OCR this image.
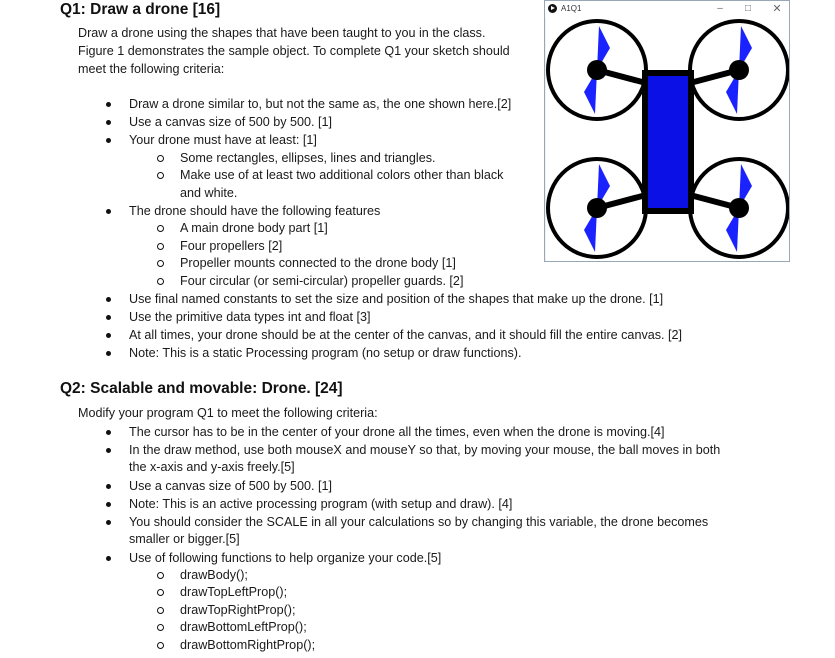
Q1: Draw a drone [16]
Draw a drone using the shapes that have been taught to you in the class.
Figure 1 demonstrates the sample object. To complete Q1 your sketch should
meet the following criteria:
Draw a drone similar to, but not the same as, the one shown here.[2]
Use a canvas size of 500 by 500. [1]
Your drone must have at least: [1]
Some rectangles, ellipses, lines and triangles.
Make use of at least two additional colors other than black
and white.
The drone should have the following features
A main drone body part [1]
Four propellers [2]
Propeller mounts connected to the drone body [1]
Four circular (or semi-circular) propeller guards. [2]
Use final named constants to set the size and position of the shapes that make up the drone. [1]
Use the primitive data types int and float [3]
At all times, your drone should be at the center of the canvas, and it should fill the entire canvas. [2]
Note: This is a static Processing program (no setup or draw functions).
A1Q1	–	□	✕
Q2: Scalable and movable: Drone. [24]
Modify your program Q1 to meet the following criteria:
The cursor has to be in the center of your drone all the times, even when the drone is moving.[4]
In the draw method, use both mouseX and mouseY so that, by moving your mouse, the ball moves in both
the x-axis and y-axis freely.[5]
Use a canvas size of 500 by 500. [1]
Note: This is an active processing program (with setup and draw). [4]
You should consider the SCALE in all your calculations so by changing this variable, the drone becomes
smaller or bigger.[5]
Use of following functions to help organize your code.[5]
drawBody();
drawTopLeftProp();
drawTopRightProp();
drawBottomLeftProp();
drawBottomRightProp();
